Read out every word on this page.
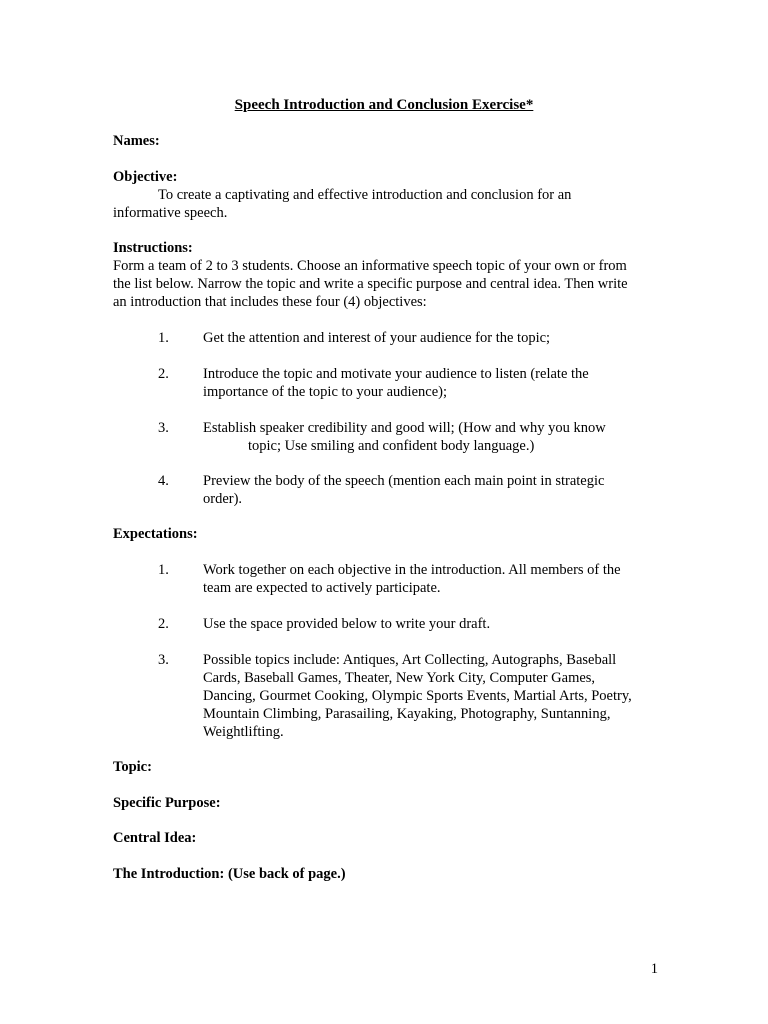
Speech Introduction and Conclusion Exercise*
Names:
Objective:
To create a captivating and effective introduction and conclusion for an
informative speech.
Instructions:
Form a team of 2 to 3 students. Choose an informative speech topic of your own or from
the list below. Narrow the topic and write a specific purpose and central idea. Then write
an introduction that includes these four (4) objectives:
1.	Get the attention and interest of your audience for the topic;
2.	Introduce the topic and motivate your audience to listen (relate the
importance of the topic to your audience);
3.	Establish speaker credibility and good will; (How and why you know
topic; Use smiling and confident body language.)
4.	Preview the body of the speech (mention each main point in strategic
order).
Expectations:
1.	Work together on each objective in the introduction. All members of the
team are expected to actively participate.
2.	Use the space provided below to write your draft.
3.	Possible topics include: Antiques, Art Collecting, Autographs, Baseball
Cards, Baseball Games, Theater, New York City, Computer Games,
Dancing, Gourmet Cooking, Olympic Sports Events, Martial Arts, Poetry,
Mountain Climbing, Parasailing, Kayaking, Photography, Suntanning,
Weightlifting.
Topic:
Specific Purpose:
Central Idea:
The Introduction: (Use back of page.)
1
